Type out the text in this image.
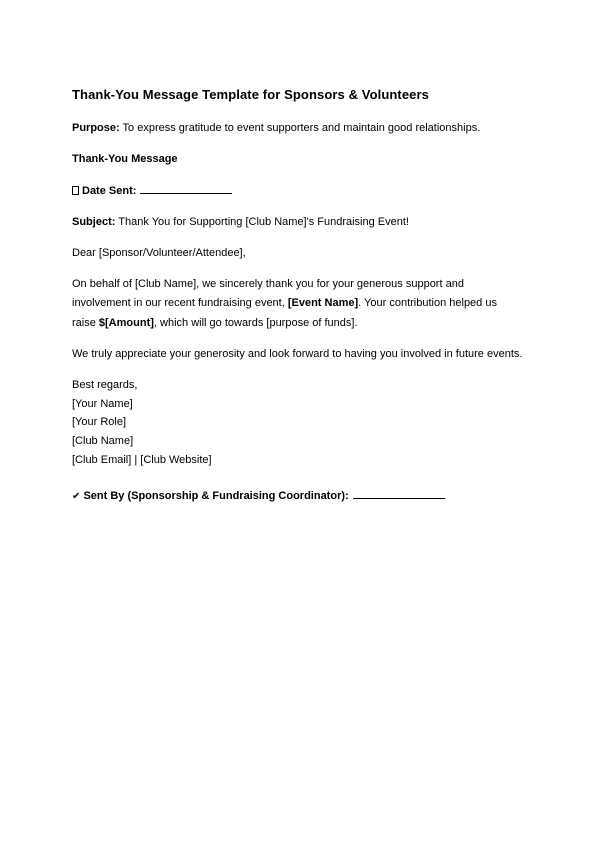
Thank-You Message Template for Sponsors & Volunteers
Purpose: To express gratitude to event supporters and maintain good relationships.
Thank-You Message
Date Sent:
Subject: Thank You for Supporting [Club Name]'s Fundraising Event!
Dear [Sponsor/Volunteer/Attendee],
On behalf of [Club Name], we sincerely thank you for your generous support and
involvement in our recent fundraising event, [Event Name]. Your contribution helped us
raise $[Amount], which will go towards [purpose of funds].
We truly appreciate your generosity and look forward to having you involved in future events.
Best regards,
[Your Name]
[Your Role]
[Club Name]
[Club Email] | [Club Website]
✔ Sent By (Sponsorship & Fundraising Coordinator):
